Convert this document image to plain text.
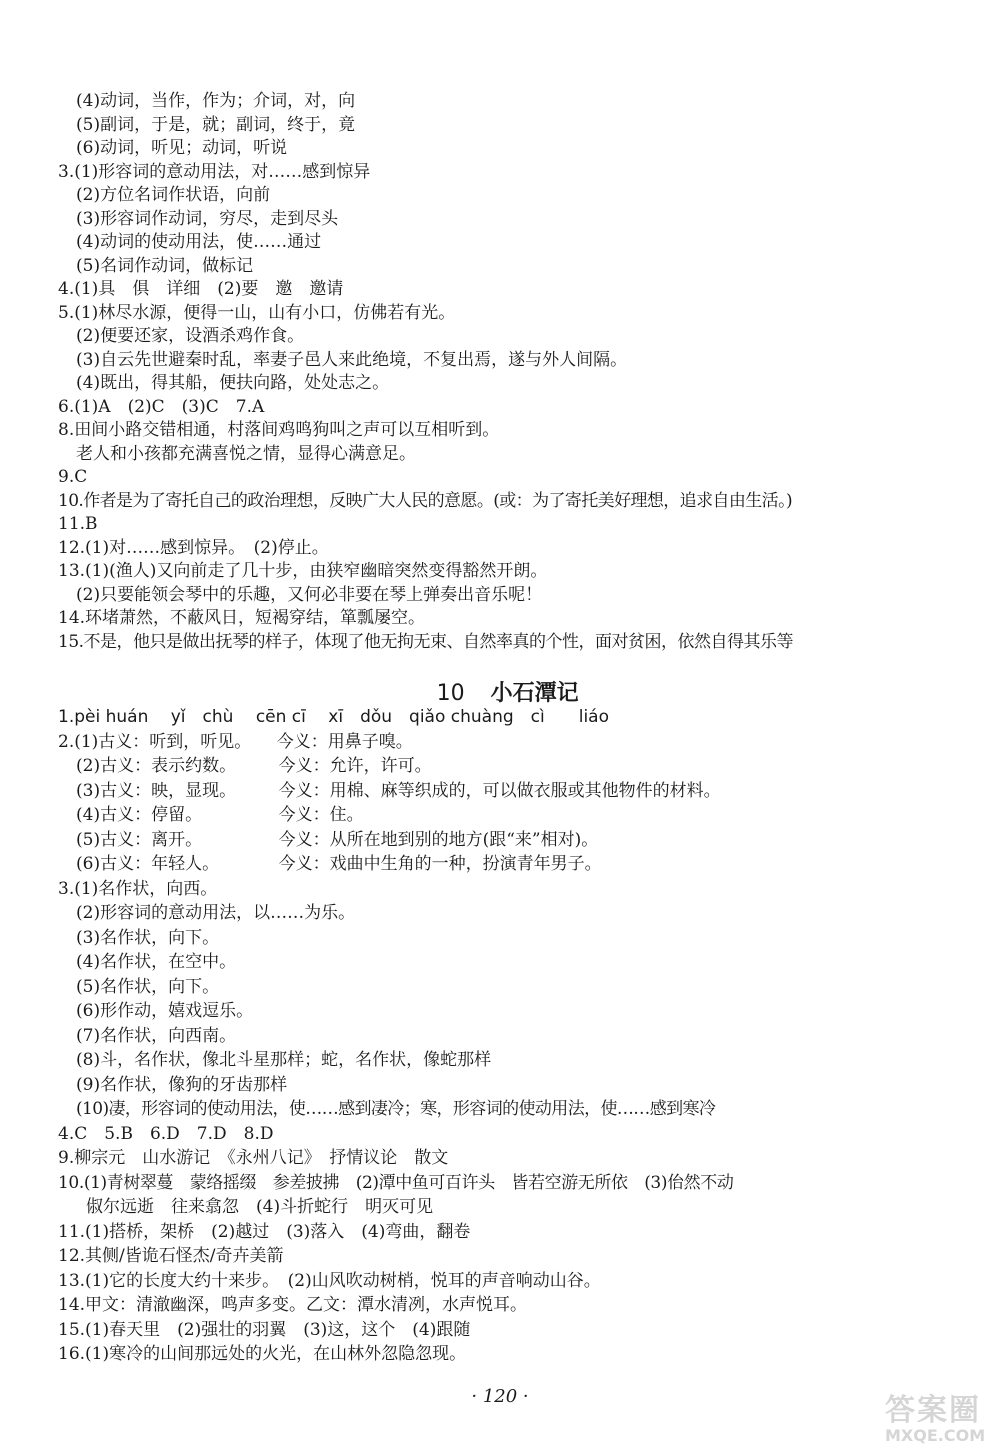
(4)动词，当作，作为；介词，对，向
(5)副词，于是，就；副词，终于，竟
(6)动词，听见；动词，听说
3.(1)形容词的意动用法，对……感到惊异
(2)方位名词作状语，向前
(3)形容词作动词，穷尽，走到尽头
(4)动词的使动用法，使……通过
(5)名词作动词，做标记
4.(1)具　俱　详细　(2)要　邀　邀请
5.(1)林尽水源，便得一山，山有小口，仿佛若有光。
(2)便要还家，设酒杀鸡作食。
(3)自云先世避秦时乱，率妻子邑人来此绝境，不复出焉，遂与外人间隔。
(4)既出，得其船，便扶向路，处处志之。
6.(1)A　(2)C　(3)C　7.A
8.田间小路交错相通，村落间鸡鸣狗叫之声可以互相听到。
老人和小孩都充满喜悦之情，显得心满意足。
9.C
10.作者是为了寄托自己的政治理想，反映广大人民的意愿。(或：为了寄托美好理想，追求自由生活。)
11.B
12.(1)对……感到惊异。　(2)停止。
13.(1)(渔人)又向前走了几十步，由狭窄幽暗突然变得豁然开朗。
(2)只要能领会琴中的乐趣，又何必非要在琴上弹奏出音乐呢！
14.环堵萧然，不蔽风日，短褐穿结，箪瓢屡空。
15.不是，他只是做出抚琴的样子，体现了他无拘无束、自然率真的个性，面对贫困，依然自得其乐等

10 小石潭记

1.pèi huán　 yǐ　chù　 cēn cī　 xī　dǒu　qiǎo chuàng　cì　　liáo
2.(1)古义：听到，听见。　　今义：用鼻子嗅。
(2)古义：表示约数。　　　今义：允许，许可。
(3)古义：映，显现。　　　今义：用棉、麻等织成的，可以做衣服或其他物件的材料。
(4)古义：停留。　　　　　今义：住。
(5)古义：离开。　　　　　今义：从所在地到别的地方(跟“来”相对)。
(6)古义：年轻人。　　　　今义：戏曲中生角的一种，扮演青年男子。
3.(1)名作状，向西。
(2)形容词的意动用法，以……为乐。
(3)名作状，向下。
(4)名作状，在空中。
(5)名作状，向下。
(6)形作动，嬉戏逗乐。
(7)名作状，向西南。
(8)斗，名作状，像北斗星那样；蛇，名作状，像蛇那样
(9)名作状，像狗的牙齿那样
(10)凄，形容词的使动用法，使……感到凄冷；寒，形容词的使动用法，使……感到寒冷
4.C　5.B　6.D　7.D　8.D
9.柳宗元　山水游记　《永州八记》　抒情议论　散文
10.(1)青树翠蔓　蒙络摇缀　参差披拂　(2)潭中鱼可百许头　皆若空游无所依　(3)佁然不动
俶尔远逝　往来翕忽　(4)斗折蛇行　明灭可见
11.(1)搭桥，架桥　(2)越过　(3)落入　(4)弯曲，翻卷
12.其侧/皆诡石怪杰/奇卉美箭
13.(1)它的长度大约十来步。　(2)山风吹动树梢，悦耳的声音响动山谷。
14.甲文：清澈幽深，鸣声多变。乙文：潭水清冽，水声悦耳。
15.(1)春天里　(2)强壮的羽翼　(3)这，这个　(4)跟随
16.(1)寒冷的山间那远处的火光，在山林外忽隐忽现。
· 120 ·	答案圈
MXQE.COM
